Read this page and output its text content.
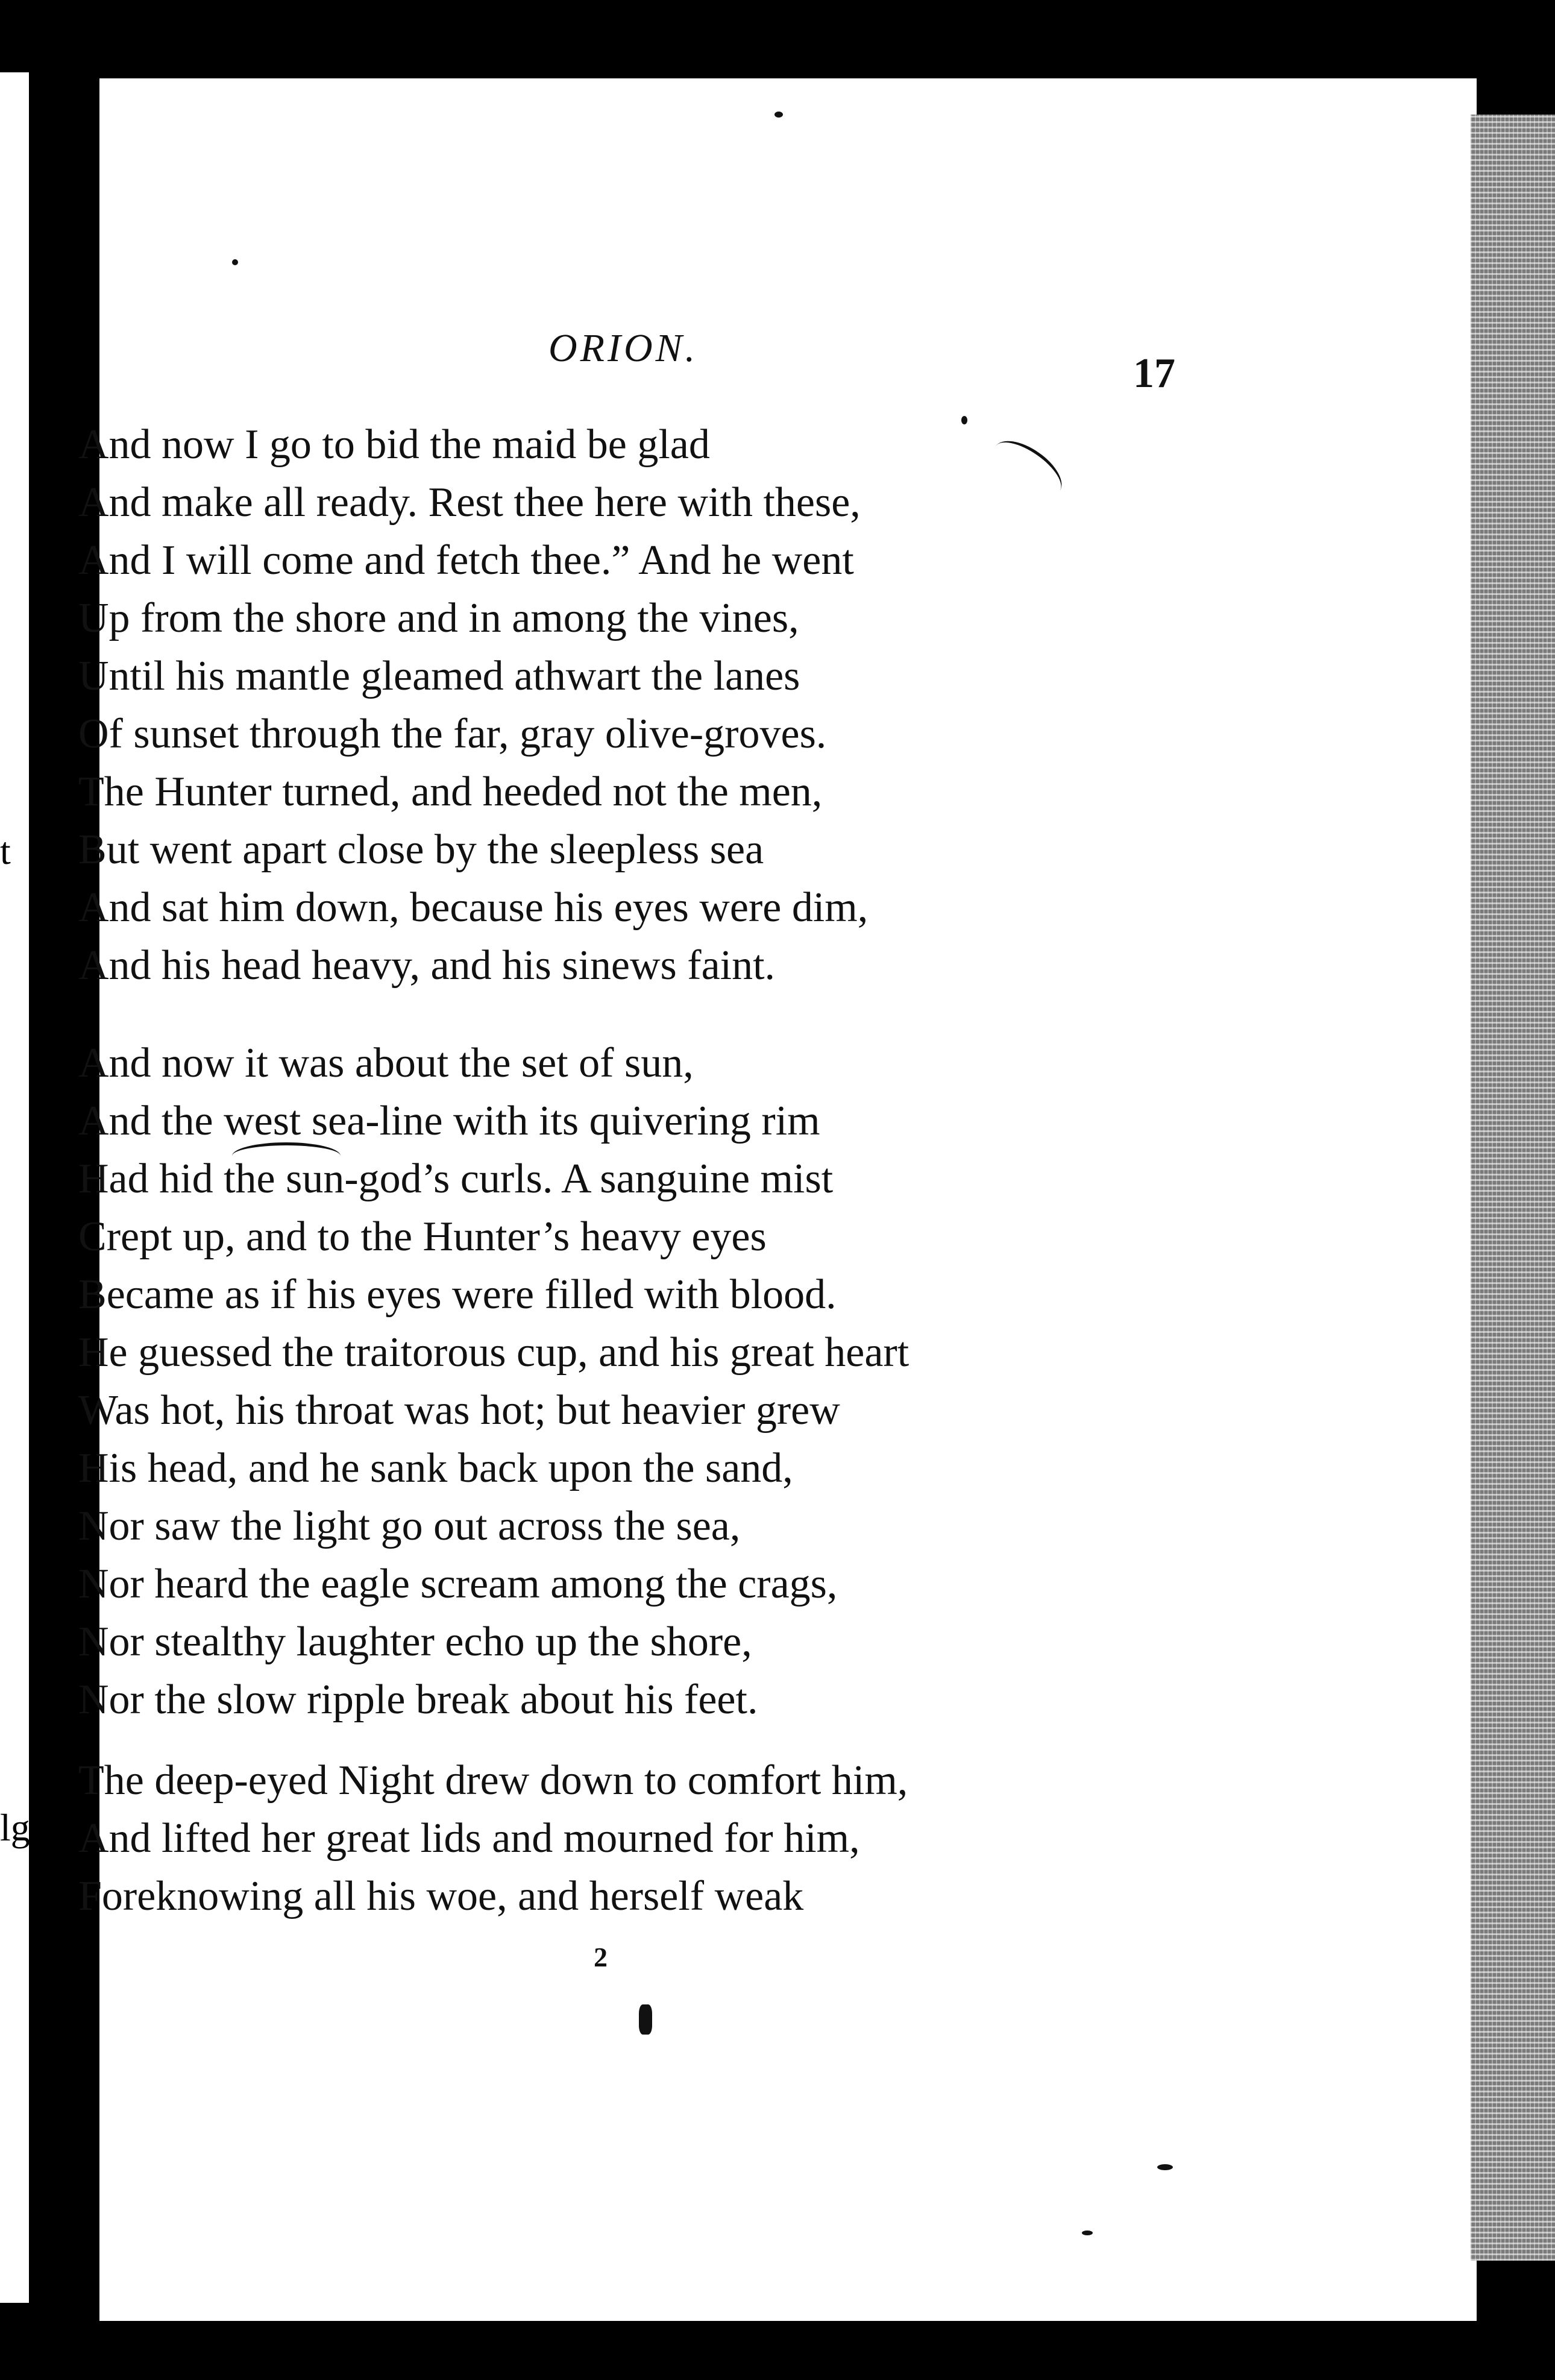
t
lge
ORION.
17
And now I go to bid the maid be glad
And make all ready. Rest thee here with these,
And I will come and fetch thee.” And he went
Up from the shore and in among the vines,
Until his mantle gleamed athwart the lanes
Of sunset through the far, gray olive-groves.
The Hunter turned, and heeded not the men,
But went apart close by the sleepless sea
And sat him down, because his eyes were dim,
And his head heavy, and his sinews faint.
And now it was about the set of sun,
And the west sea-line with its quivering rim
Had hid the sun-god’s curls. A sanguine mist
Crept up, and to the Hunter’s heavy eyes
Became as if his eyes were filled with blood.
He guessed the traitorous cup, and his great heart
Was hot, his throat was hot; but heavier grew
His head, and he sank back upon the sand,
Nor saw the light go out across the sea,
Nor heard the eagle scream among the crags,
Nor stealthy laughter echo up the shore,
Nor the slow ripple break about his feet.
The deep-eyed Night drew down to comfort him,
And lifted her great lids and mourned for him,
Foreknowing all his woe, and herself weak
2
